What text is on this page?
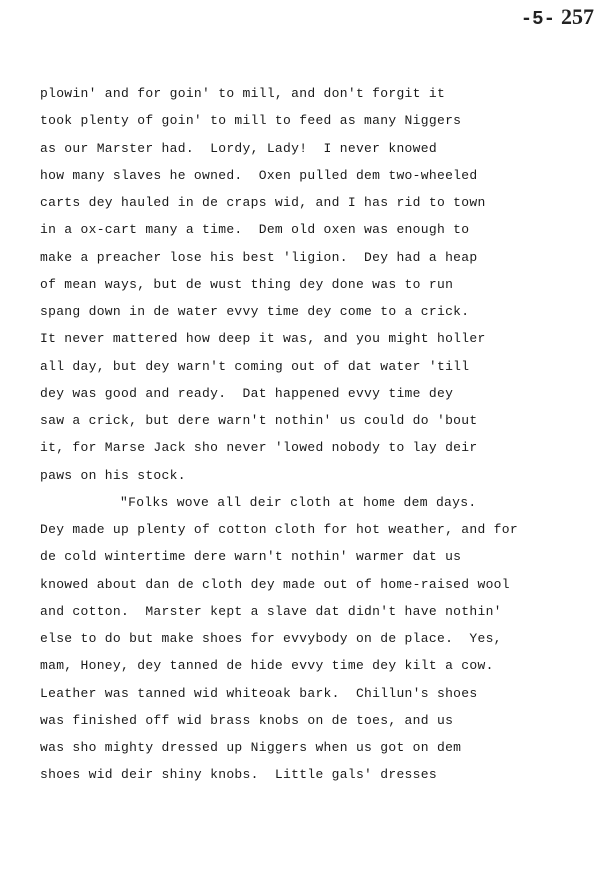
-5- 257
plowin' and for goin' to mill, and don't forgit it
took plenty of goin' to mill to feed as many Niggers
as our Marster had.  Lordy, Lady!  I never knowed
how many slaves he owned.  Oxen pulled dem two-wheeled
carts dey hauled in de craps wid, and I has rid to town
in a ox-cart many a time.  Dem old oxen was enough to
make a preacher lose his best 'ligion.  Dey had a heap
of mean ways, but de wust thing dey done was to run
spang down in de water evvy time dey come to a crick.
It never mattered how deep it was, and you might holler
all day, but dey warn't coming out of dat water 'till
dey was good and ready.  Dat happened evvy time dey
saw a crick, but dere warn't nothin' us could do 'bout
it, for Marse Jack sho never 'lowed nobody to lay deir
paws on his stock.
"Folks wove all deir cloth at home dem days.
Dey made up plenty of cotton cloth for hot weather, and for
de cold wintertime dere warn't nothin' warmer dat us
knowed about dan de cloth dey made out of home-raised wool
and cotton.  Marster kept a slave dat didn't have nothin'
else to do but make shoes for evvybody on de place.  Yes,
mam, Honey, dey tanned de hide evvy time dey kilt a cow.
Leather was tanned wid whiteoak bark.  Chillun's shoes
was finished off wid brass knobs on de toes, and us
was sho mighty dressed up Niggers when us got on dem
shoes wid deir shiny knobs.  Little gals' dresses
